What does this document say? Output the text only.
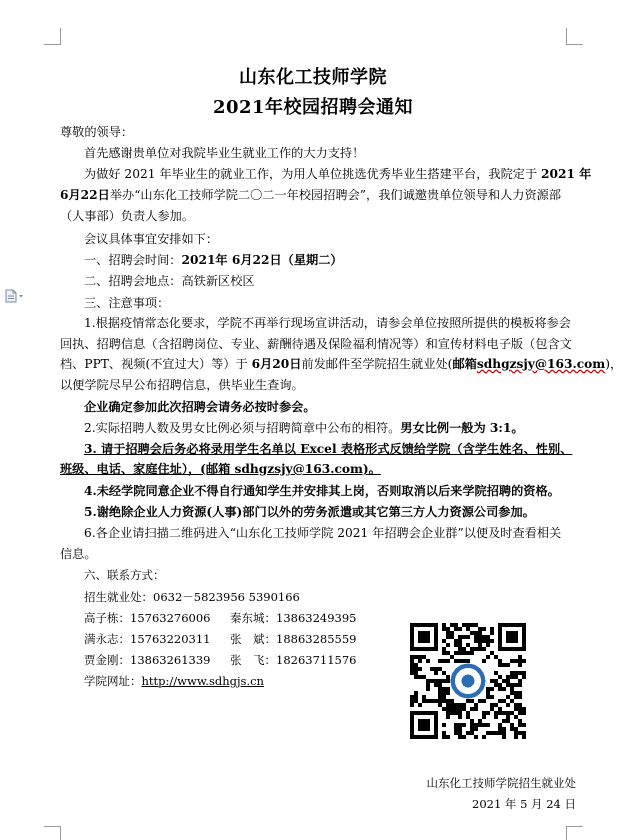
山东化工技师学院
2021年校园招聘会通知
尊敬的领导：
首先感谢贵单位对我院毕业生就业工作的大力支持！
为做好 2021 年毕业生的就业工作，为用人单位挑选优秀毕业生搭建平台，我院定于 2021 年
6月22日举办“山东化工技师学院二〇二一年校园招聘会”，我们诚邀贵单位领导和人力资源部
（人事部）负责人参加。
会议具体事宜安排如下：
一、招聘会时间：2021年 6月22日（星期二）
二、招聘会地点：高铁新区校区
三、注意事项：
1.根据疫情常态化要求，学院不再举行现场宣讲活动，请参会单位按照所提供的模板将参会
回执、招聘信息（含招聘岗位、专业、薪酬待遇及保险福利情况等）和宣传材料电子版（包含文
档、PPT、视频(不宜过大）等）于 6月20日前发邮件至学院招生就业处(邮箱sdhgzsjy@163.com)，
以便学院尽早公布招聘信息，供毕业生查询。
企业确定参加此次招聘会请务必按时参会。
2.实际招聘人数及男女比例必须与招聘简章中公布的相符。男女比例一般为 3:1。
3. 请于招聘会后务必将录用学生名单以 Excel 表格形式反馈给学院（含学生姓名、性别、
班级、电话、家庭住址），(邮箱 sdhgzsjy@163.com)。
4.未经学院同意企业不得自行通知学生并安排其上岗，否则取消以后来学院招聘的资格。
5.谢绝除企业人力资源(人事)部门以外的劳务派遣或其它第三方人力资源公司参加。
6.各企业请扫描二维码进入“山东化工技师学院 2021 年招聘会企业群”以便及时查看相关
信息。
六、联系方式：
招生就业处：0632－5823956 5390166
高子栋：15763276006 秦东城：13863249395
满永志：15763220311 张　斌：18863285559
贾金刚：13863261339 张　飞：18263711576
学院网址：http://www.sdhgjs.cn
山东化工技师学院招生就业处
2021 年 5 月 24 日
